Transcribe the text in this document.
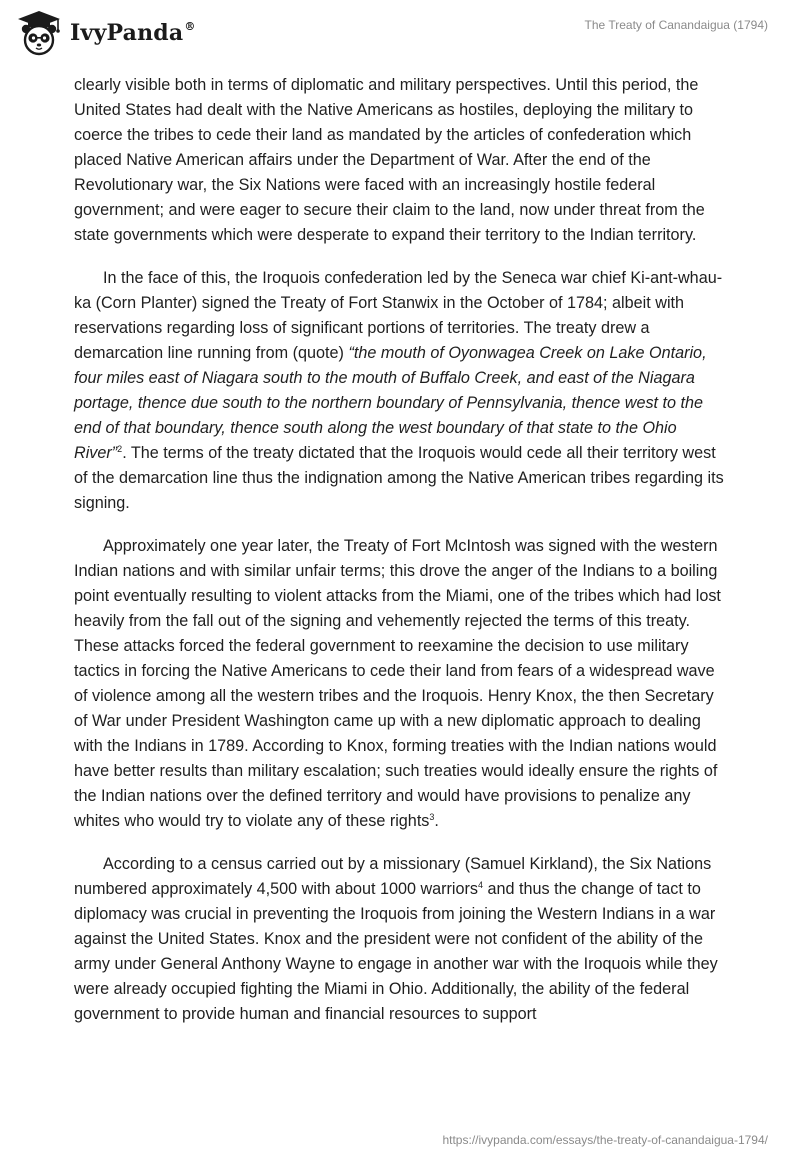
IvyPanda®	The Treaty of Canandaigua (1794)

clearly visible both in terms of diplomatic and military perspectives. Until this period, the United States had dealt with the Native Americans as hostiles, deploying the military to coerce the tribes to cede their land as mandated by the articles of confederation which placed Native American affairs under the Department of War. After the end of the Revolutionary war, the Six Nations were faced with an increasingly hostile federal government; and were eager to secure their claim to the land, now under threat from the state governments which were desperate to expand their territory to the Indian territory.

In the face of this, the Iroquois confederation led by the Seneca war chief Ki-ant-whau-ka (Corn Planter) signed the Treaty of Fort Stanwix in the October of 1784; albeit with reservations regarding loss of significant portions of territories. The treaty drew a demarcation line running from (quote) “the mouth of Oyonwagea Creek on Lake Ontario, four miles east of Niagara south to the mouth of Buffalo Creek, and east of the Niagara portage, thence due south to the northern boundary of Pennsylvania, thence west to the end of that boundary, thence south along the west boundary of that state to the Ohio River”$^2$. The terms of the treaty dictated that the Iroquois would cede all their territory west of the demarcation line thus the indignation among the Native American tribes regarding its signing.

Approximately one year later, the Treaty of Fort McIntosh was signed with the western Indian nations and with similar unfair terms; this drove the anger of the Indians to a boiling point eventually resulting to violent attacks from the Miami, one of the tribes which had lost heavily from the fall out of the signing and vehemently rejected the terms of this treaty. These attacks forced the federal government to reexamine the decision to use military tactics in forcing the Native Americans to cede their land from fears of a widespread wave of violence among all the western tribes and the Iroquois. Henry Knox, the then Secretary of War under President Washington came up with a new diplomatic approach to dealing with the Indians in 1789. According to Knox, forming treaties with the Indian nations would have better results than military escalation; such treaties would ideally ensure the rights of the Indian nations over the defined territory and would have provisions to penalize any whites who would try to violate any of these rights$^3$.

According to a census carried out by a missionary (Samuel Kirkland), the Six Nations numbered approximately 4,500 with about 1000 warriors$^4$ and thus the change of tact to diplomacy was crucial in preventing the Iroquois from joining the Western Indians in a war against the United States. Knox and the president were not confident of the ability of the army under General Anthony Wayne to engage in another war with the Iroquois while they were already occupied fighting the Miami in Ohio. Additionally, the ability of the federal government to provide human and financial resources to support

https://ivypanda.com/essays/the-treaty-of-canandaigua-1794/
